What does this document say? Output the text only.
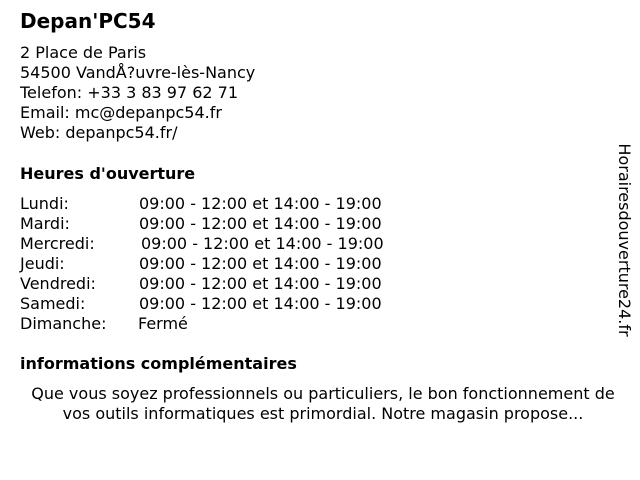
Depan'PC54
2 Place de Paris
54500 VandÅ?uvre-lès-Nancy
Telefon: +33 3 83 97 62 71
Email: mc@depanpc54.fr
Web: depanpc54.fr/
Heures d'ouverture
Lundi:	09:00 - 12:00 et 14:00 - 19:00
Mardi:	09:00 - 12:00 et 14:00 - 19:00
Mercredi:	09:00 - 12:00 et 14:00 - 19:00
Jeudi:	09:00 - 12:00 et 14:00 - 19:00
Vendredi:	09:00 - 12:00 et 14:00 - 19:00
Samedi:	09:00 - 12:00 et 14:00 - 19:00
Dimanche: Fermé
informations complémentaires
Que vous soyez professionnels ou particuliers, le bon fonctionnement de vos outils informatiques est primordial. Notre magasin propose...
Horairesdouverture24.fr
